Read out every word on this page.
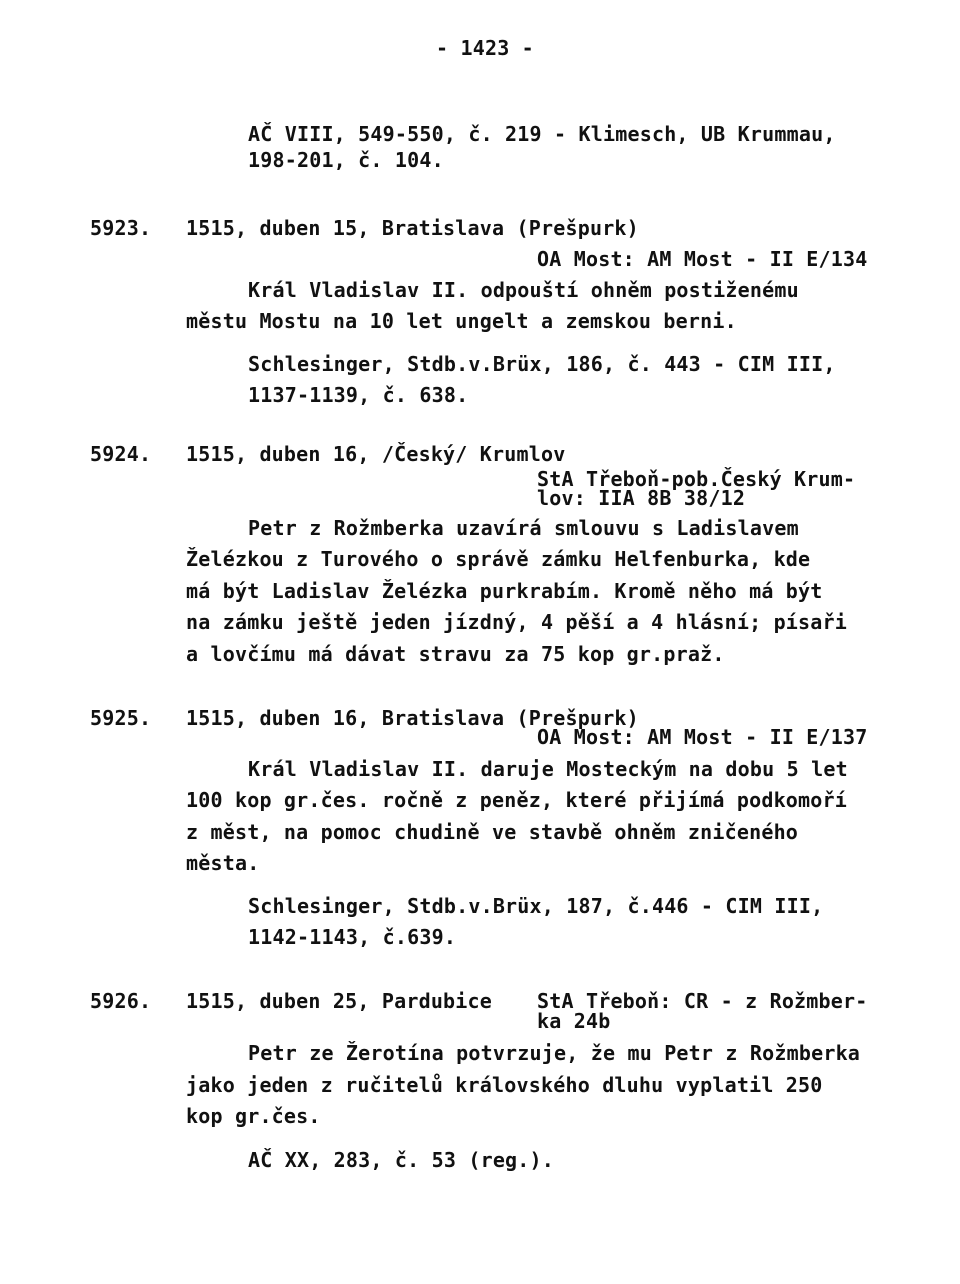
- 1423 -
AČ VIII, 549-550, č. 219 - Klimesch, UB Krummau,
198-201, č. 104.
5923. 1515, duben 15, Bratislava (Prešpurk)
OA Most: AM Most - II E/134
Král Vladislav II. odpouští ohněm postiženému
městu Mostu na 10 let ungelt a zemskou berni.
Schlesinger, Stdb.v.Brüx, 186, č. 443 - CIM III,
1137-1139, č. 638.
5924. 1515, duben 16, /Český/ Krumlov
StA Třeboň-pob.Český Krum-
lov: IIA 8B 38/12
Petr z Rožmberka uzavírá smlouvu s Ladislavem
Želézkou z Turového o správě zámku Helfenburka, kde
má být Ladislav Želézka purkrabím. Kromě něho má být
na zámku ještě jeden jízdný, 4 pěší a 4 hlásní; písaři
a lovčímu má dávat stravu za 75 kop gr.praž.
5925. 1515, duben 16, Bratislava (Prešpurk)
OA Most: AM Most - II E/137
Král Vladislav II. daruje Mosteckým na dobu 5 let
100 kop gr.čes. ročně z peněz, které přijímá podkomoří
z měst, na pomoc chudině ve stavbě ohněm zničeného
města.
Schlesinger, Stdb.v.Brüx, 187, č.446 - CIM III,
1142-1143, č.639.
5926. 1515, duben 25, Pardubice StA Třeboň: CR - z Rožmber-
ka 24b
Petr ze Žerotína potvrzuje, že mu Petr z Rožmberka
jako jeden z ručitelů královského dluhu vyplatil 250
kop gr.čes.
AČ XX, 283, č. 53 (reg.).
